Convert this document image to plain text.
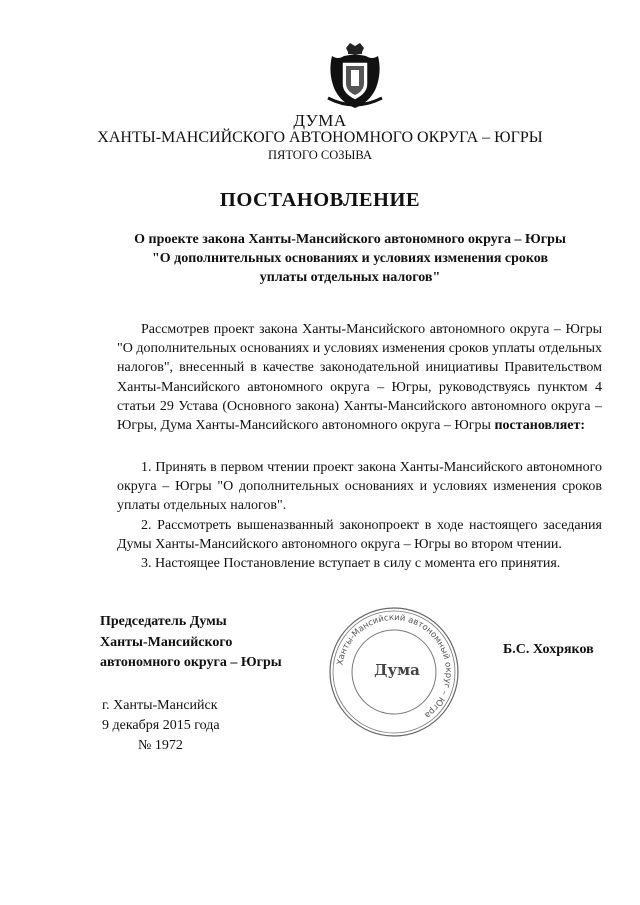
ДУМА
ХАНТЫ-МАНСИЙСКОГО АВТОНОМНОГО ОКРУГА – ЮГРЫ
ПЯТОГО СОЗЫВА
ПОСТАНОВЛЕНИЕ
О проекте закона Ханты-Мансийского автономного округа – Югры
"О дополнительных основаниях и условиях изменения сроков
уплаты отдельных налогов"

Рассмотрев проект закона Ханты-Мансийского автономного округа – Югры "О дополнительных основаниях и условиях изменения сроков уплаты отдельных налогов", внесенный в качестве законодательной инициативы Правительством Ханты-Мансийского автономного округа – Югры, руководствуясь пунктом 4 статьи 29 Устава (Основного закона) Ханты-Мансийского автономного округа – Югры, Дума Ханты-Мансийского автономного округа – Югры постановляет:

1. Принять в первом чтении проект закона Ханты-Мансийского автономного округа – Югры "О дополнительных основаниях и условиях изменения сроков уплаты отдельных налогов".

2. Рассмотреть вышеназванный законопроект в ходе настоящего заседания Думы Ханты-Мансийского автономного округа – Югры во втором чтении.

3. Настоящее Постановление вступает в силу с момента его принятия.

Председатель Думы
Ханты-Мансийского
автономного округа – Югры	Ханты-Мансийский автономный округ – Югра
Дума
Б.С. Хохряков
г. Ханты-Мансийск
9 декабря 2015 года
№ 1972
